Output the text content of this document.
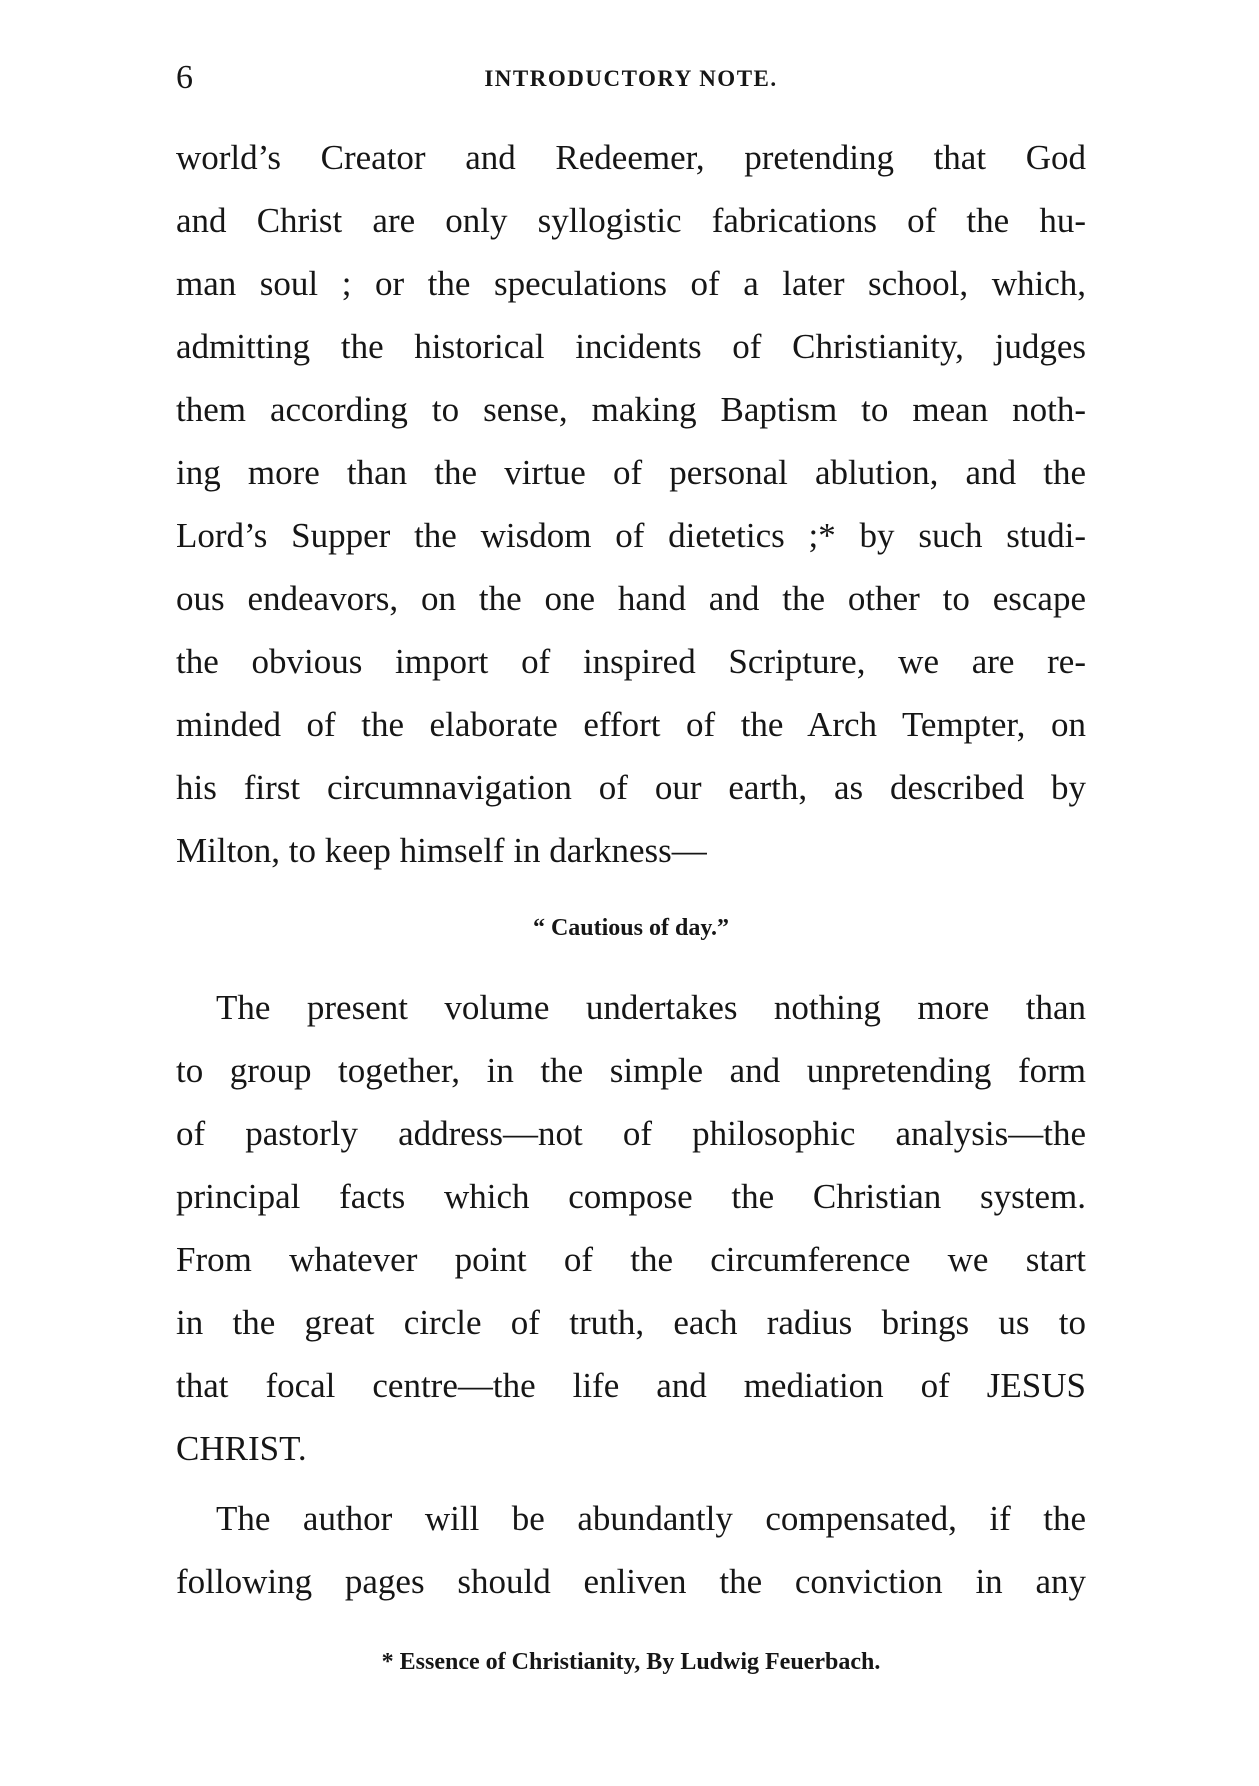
6	INTRODUCTORY NOTE.
world’s Creator and Redeemer, pretending that God
and Christ are only syllogistic fabrications of the hu-
man soul ; or the speculations of a later school, which,
admitting the historical incidents of Christianity, judges
them according to sense, making Baptism to mean noth-
ing more than the virtue of personal ablution, and the
Lord’s Supper the wisdom of dietetics ;* by such studi-
ous endeavors, on the one hand and the other to escape
the obvious import of inspired Scripture, we are re-
minded of the elaborate effort of the Arch Tempter, on
his first circumnavigation of our earth, as described by
Milton, to keep himself in darkness—
“ Cautious of day.”
The present volume undertakes nothing more than
to group together, in the simple and unpretending form
of pastorly address—not of philosophic analysis—the
principal facts which compose the Christian system.
From whatever point of the circumference we start
in the great circle of truth, each radius brings us to
that focal centre—the life and mediation of JESUS
CHRIST.
The author will be abundantly compensated, if the
following pages should enliven the conviction in any
* Essence of Christianity, By Ludwig Feuerbach.
